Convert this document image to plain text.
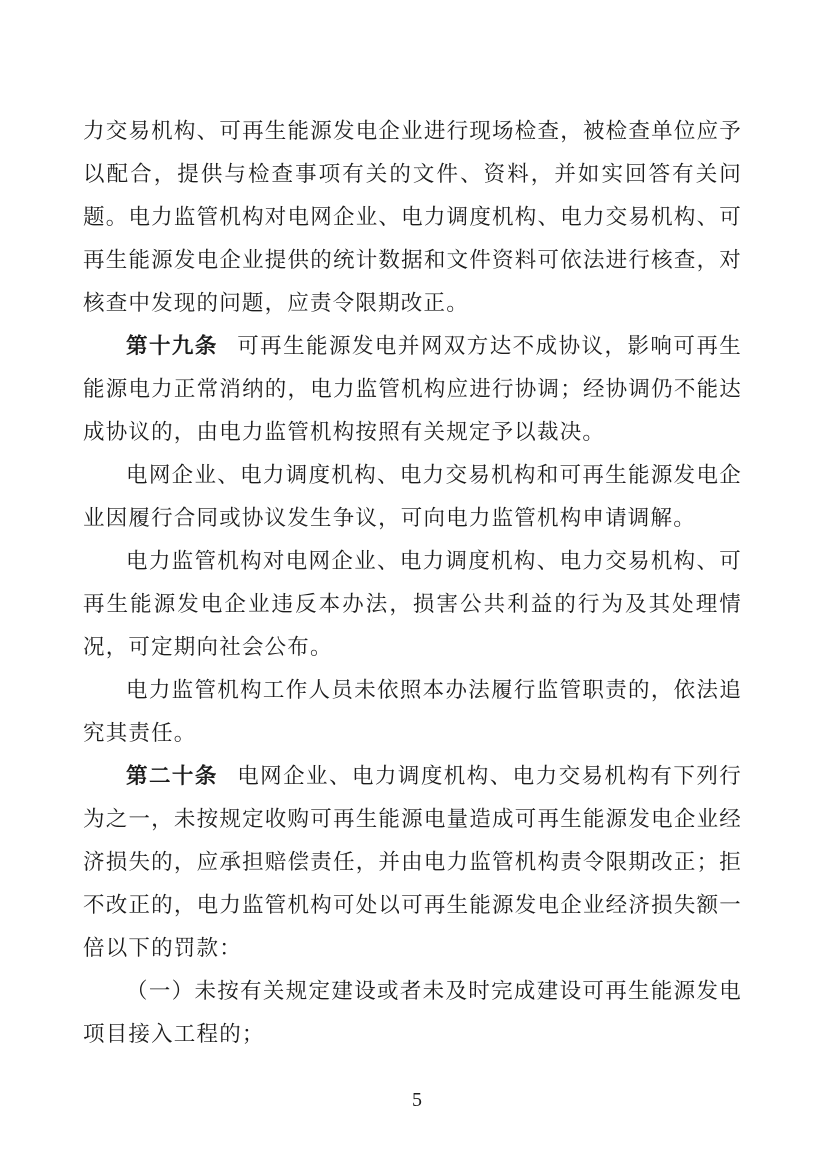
力交易机构、可再生能源发电企业进行现场检查，被检查单位应予以配合，提供与检查事项有关的文件、资料，并如实回答有关问题。电力监管机构对电网企业、电力调度机构、电力交易机构、可再生能源发电企业提供的统计数据和文件资料可依法进行核查，对核查中发现的问题，应责令限期改正。

第十九条 可再生能源发电并网双方达不成协议，影响可再生能源电力正常消纳的，电力监管机构应进行协调；经协调仍不能达成协议的，由电力监管机构按照有关规定予以裁决。

电网企业、电力调度机构、电力交易机构和可再生能源发电企业因履行合同或协议发生争议，可向电力监管机构申请调解。

电力监管机构对电网企业、电力调度机构、电力交易机构、可再生能源发电企业违反本办法，损害公共利益的行为及其处理情况，可定期向社会公布。

电力监管机构工作人员未依照本办法履行监管职责的，依法追究其责任。

第二十条 电网企业、电力调度机构、电力交易机构有下列行为之一，未按规定收购可再生能源电量造成可再生能源发电企业经济损失的，应承担赔偿责任，并由电力监管机构责令限期改正；拒不改正的，电力监管机构可处以可再生能源发电企业经济损失额一倍以下的罚款：

（一）未按有关规定建设或者未及时完成建设可再生能源发电项目接入工程的；

5
